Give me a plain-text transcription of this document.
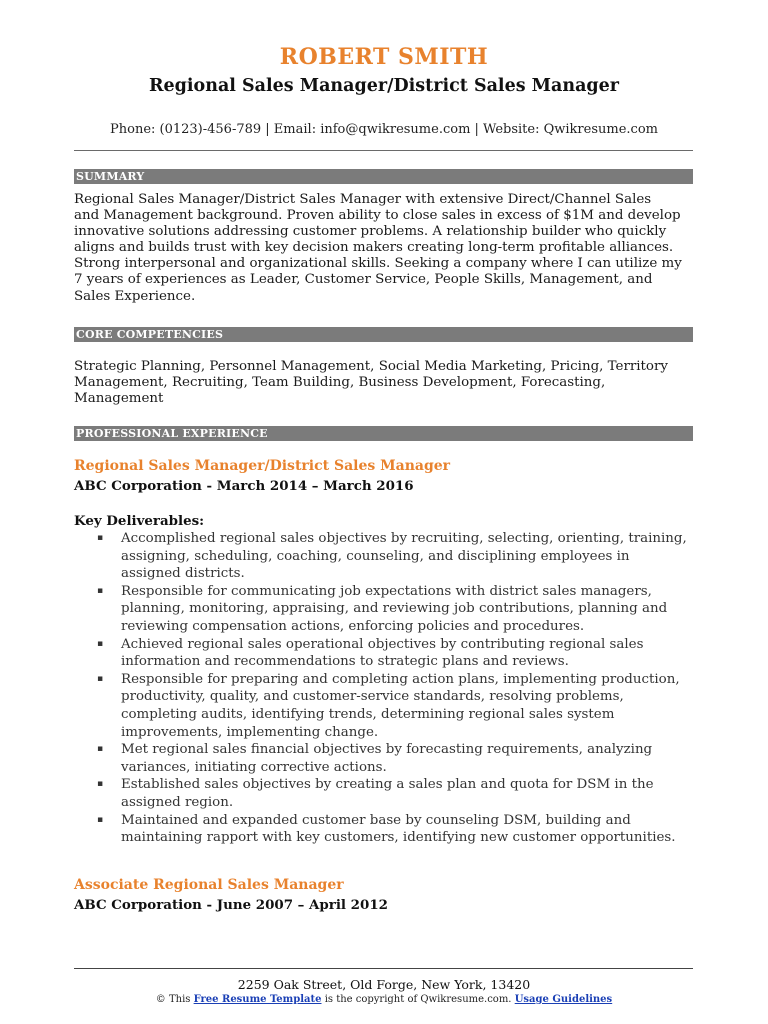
ROBERT SMITH
Regional Sales Manager/District Sales Manager
Phone: (0123)-456-789 | Email: info@qwikresume.com | Website: Qwikresume.com
SUMMARY
Regional Sales Manager/District Sales Manager with extensive Direct/Channel Sales
and Management background. Proven ability to close sales in excess of $1M and develop
innovative solutions addressing customer problems. A relationship builder who quickly
aligns and builds trust with key decision makers creating long-term profitable alliances.
Strong interpersonal and organizational skills. Seeking a company where I can utilize my
7 years of experiences as Leader, Customer Service, People Skills, Management, and
Sales Experience.
CORE COMPETENCIES
Strategic Planning, Personnel Management, Social Media Marketing, Pricing, Territory
Management, Recruiting, Team Building, Business Development, Forecasting,
Management
PROFESSIONAL EXPERIENCE
Regional Sales Manager/District Sales Manager
ABC Corporation - March 2014 – March 2016
Key Deliverables:
▪ Accomplished regional sales objectives by recruiting, selecting, orienting, training,
assigning, scheduling, coaching, counseling, and disciplining employees in
assigned districts.
▪ Responsible for communicating job expectations with district sales managers,
planning, monitoring, appraising, and reviewing job contributions, planning and
reviewing compensation actions, enforcing policies and procedures.
▪ Achieved regional sales operational objectives by contributing regional sales
information and recommendations to strategic plans and reviews.
▪ Responsible for preparing and completing action plans, implementing production,
productivity, quality, and customer-service standards, resolving problems,
completing audits, identifying trends, determining regional sales system
improvements, implementing change.
▪ Met regional sales financial objectives by forecasting requirements, analyzing
variances, initiating corrective actions.
▪ Established sales objectives by creating a sales plan and quota for DSM in the
assigned region.
▪ Maintained and expanded customer base by counseling DSM, building and
maintaining rapport with key customers, identifying new customer opportunities.
Associate Regional Sales Manager
ABC Corporation - June 2007 – April 2012
2259 Oak Street, Old Forge, New York, 13420
© This Free Resume Template is the copyright of Qwikresume.com. Usage Guidelines
